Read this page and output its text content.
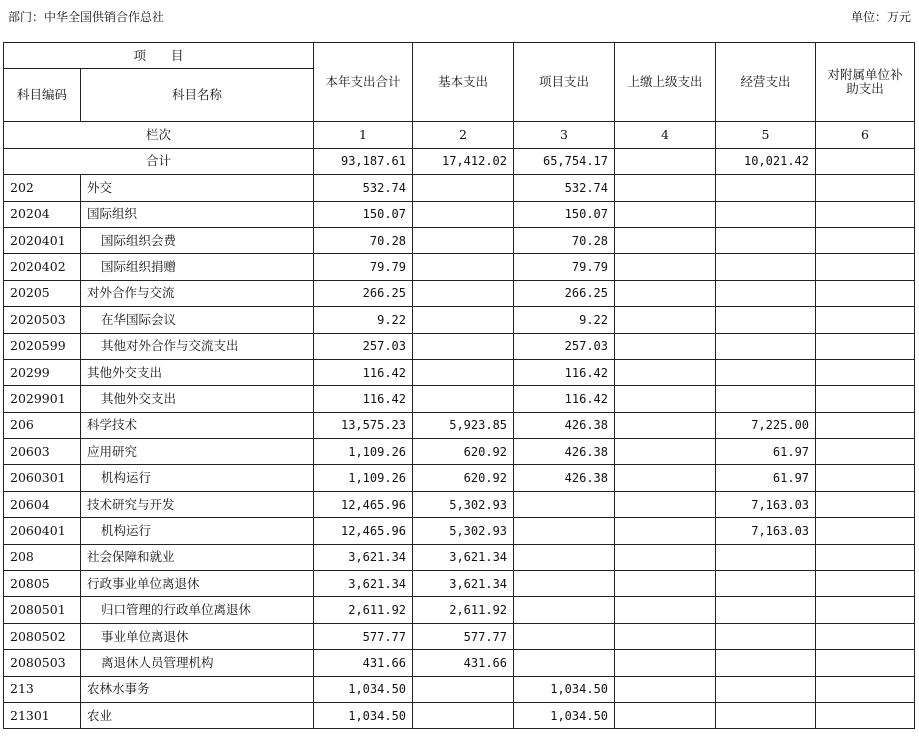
部门：中华全国供销合作总社	单位：万元
项　　目		本年支出合计	基本支出	项目支出	上缴上级支出	经营支出	对附属单位补助支出
科目编码	科目名称						
栏次		1	2	3	4	5	6
合计		93,187.61	17,412.02	65,754.17		10,021.42	
202	外交	532.74		532.74			
20204	国际组织	150.07		150.07			
2020401	国际组织会费	70.28		70.28			
2020402	国际组织捐赠	79.79		79.79			
20205	对外合作与交流	266.25		266.25			
2020503	在华国际会议	9.22		9.22			
2020599	其他对外合作与交流支出	257.03		257.03			
20299	其他外交支出	116.42		116.42			
2029901	其他外交支出	116.42		116.42			
206	科学技术	13,575.23	5,923.85	426.38		7,225.00	
20603	应用研究	1,109.26	620.92	426.38		61.97	
2060301	机构运行	1,109.26	620.92	426.38		61.97	
20604	技术研究与开发	12,465.96	5,302.93			7,163.03	
2060401	机构运行	12,465.96	5,302.93			7,163.03	
208	社会保障和就业	3,621.34	3,621.34				
20805	行政事业单位离退休	3,621.34	3,621.34				
2080501	归口管理的行政单位离退休	2,611.92	2,611.92				
2080502	事业单位离退休	577.77	577.77				
2080503	离退休人员管理机构	431.66	431.66				
213	农林水事务	1,034.50		1,034.50			
21301	农业	1,034.50		1,034.50			
